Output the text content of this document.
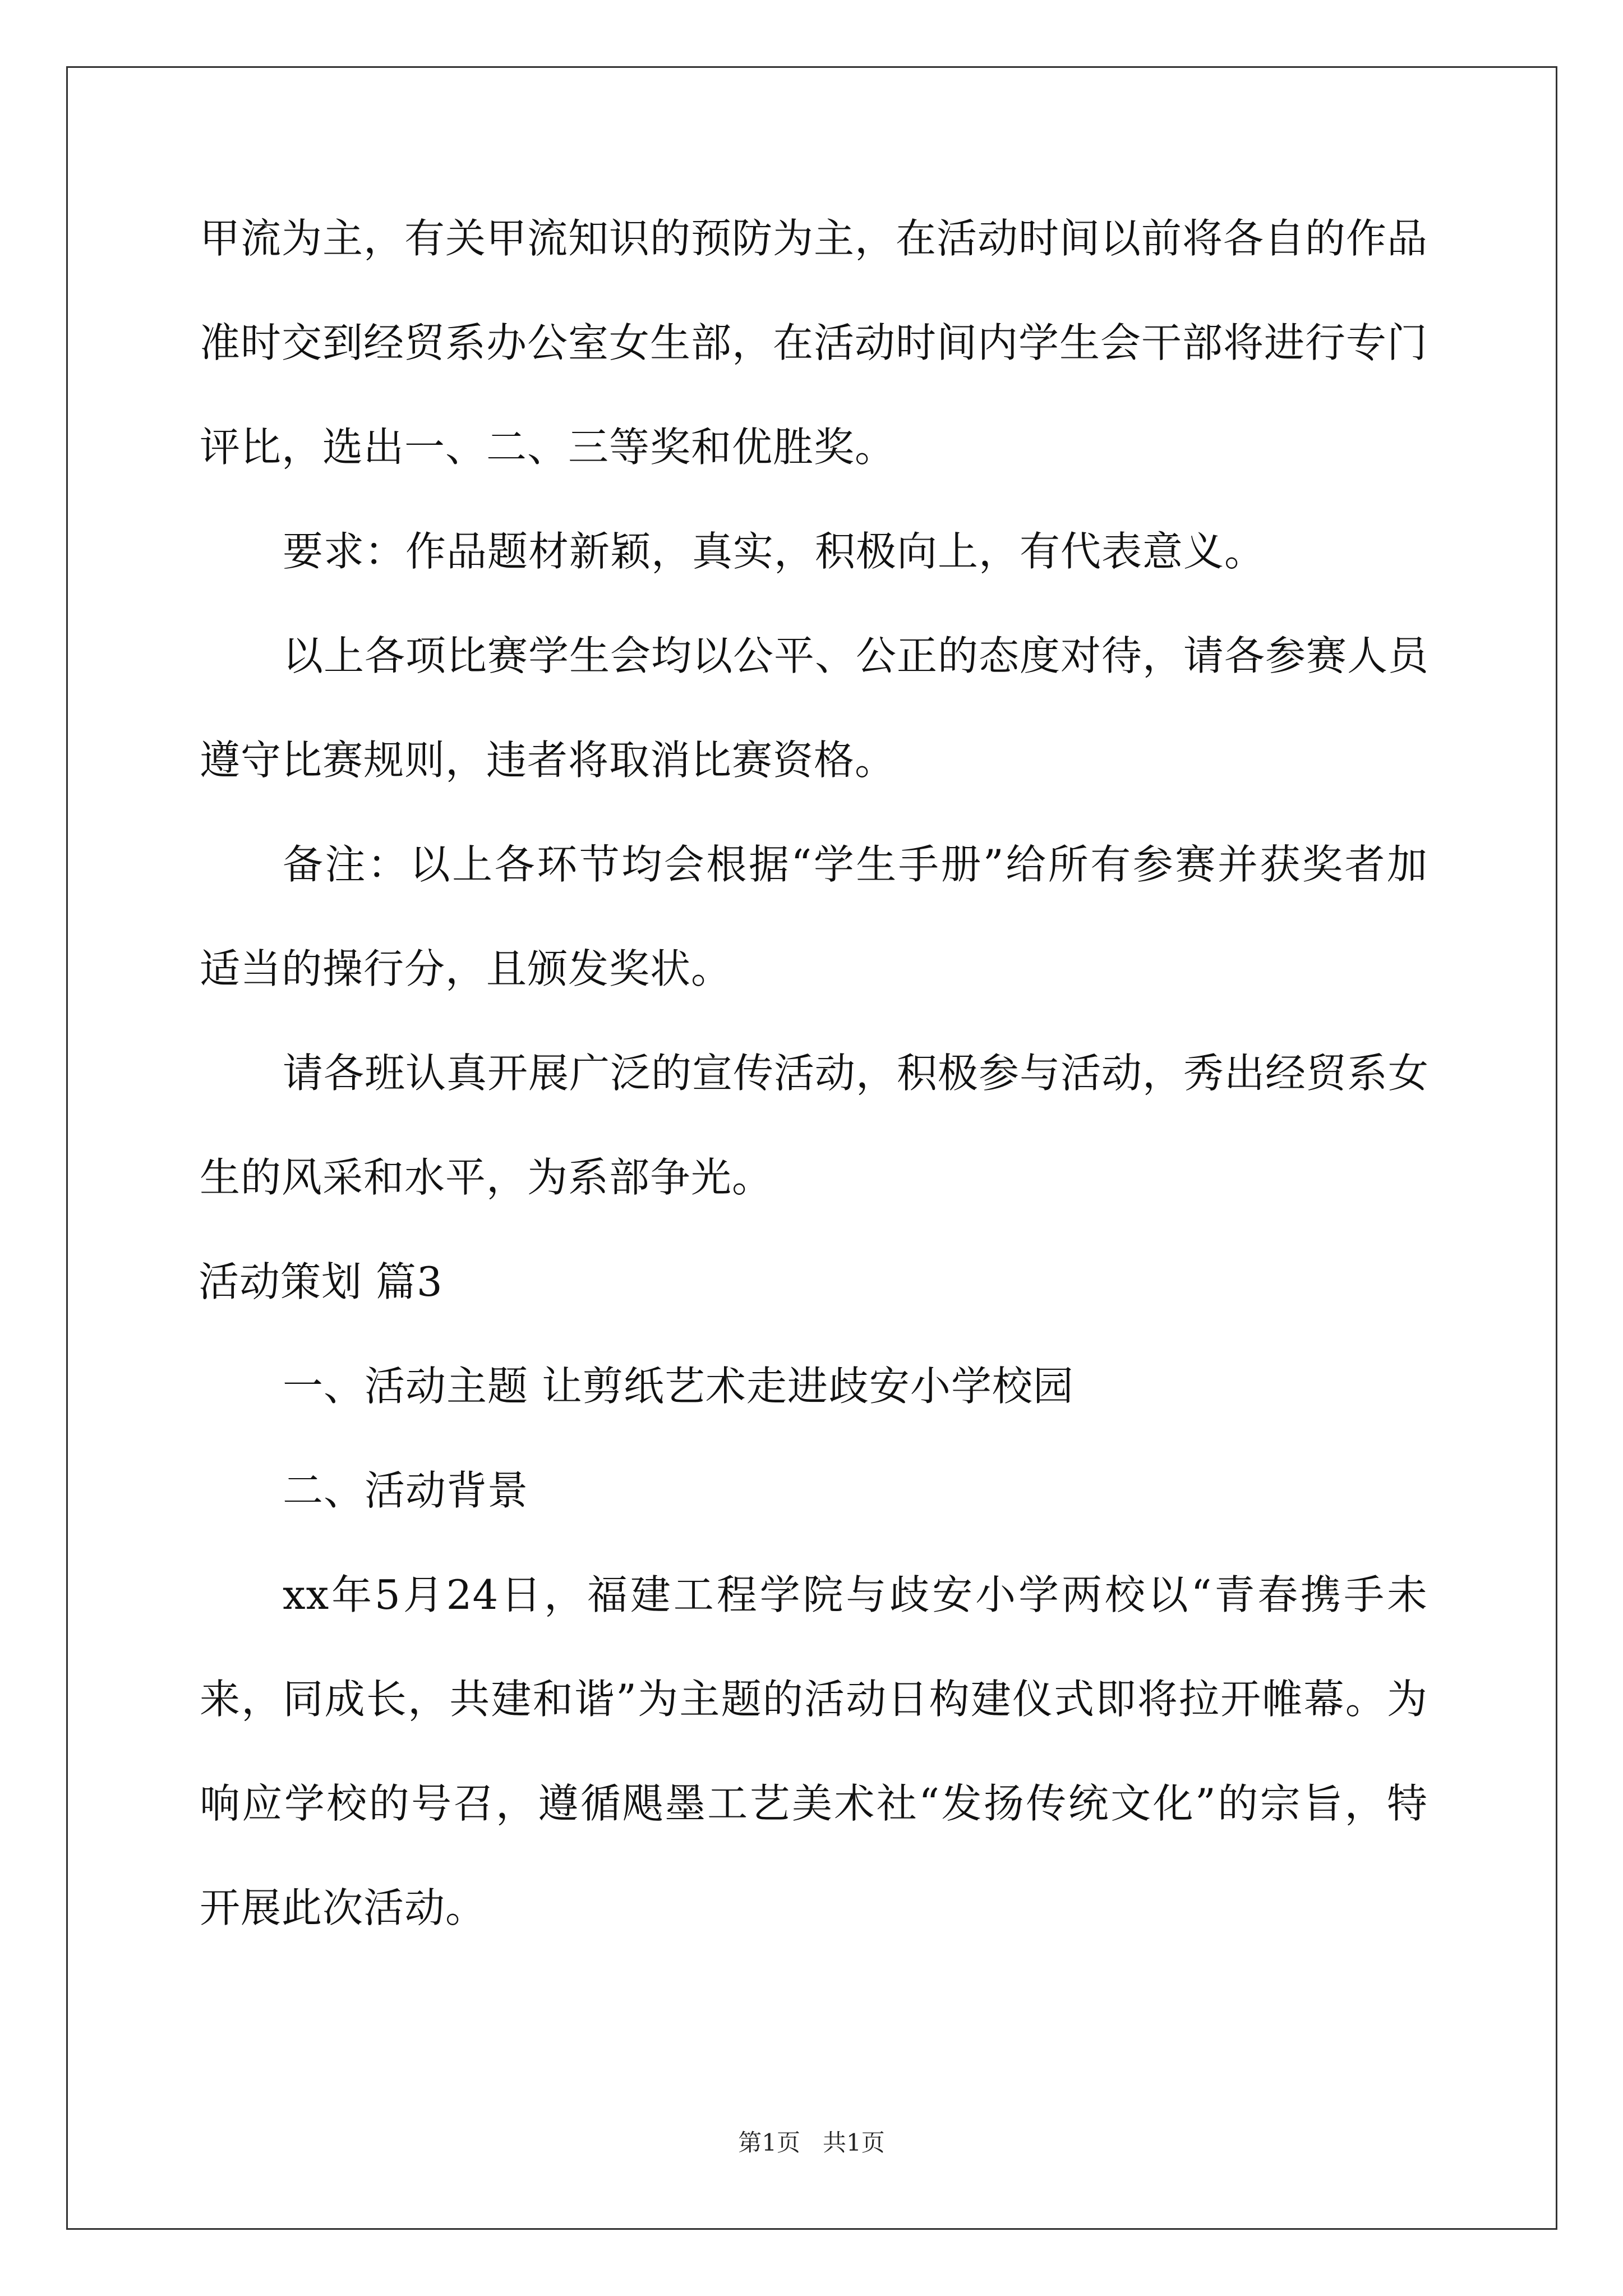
甲流为主，有关甲流知识的预防为主，在活动时间以前将各自的作品
准时交到经贸系办公室女生部，在活动时间内学生会干部将进行专门
评比，选出一、二、三等奖和优胜奖。
要求：作品题材新颖，真实，积极向上，有代表意义。
以上各项比赛学生会均以公平、公正的态度对待，请各参赛人员
遵守比赛规则，违者将取消比赛资格。
备注：以上各环节均会根据“学生手册”给所有参赛并获奖者加
适当的操行分，且颁发奖状。
请各班认真开展广泛的宣传活动，积极参与活动，秀出经贸系女
生的风采和水平，为系部争光。
活动策划 篇3
一、活动主题 让剪纸艺术走进歧安小学校园
二、活动背景
xx年5月24日，福建工程学院与歧安小学两校以“青春携手未
来，同成长，共建和谐”为主题的活动日构建仪式即将拉开帷幕。为
响应学校的号召，遵循飓墨工艺美术社“发扬传统文化”的宗旨，特
开展此次活动。
第1页   共1页
